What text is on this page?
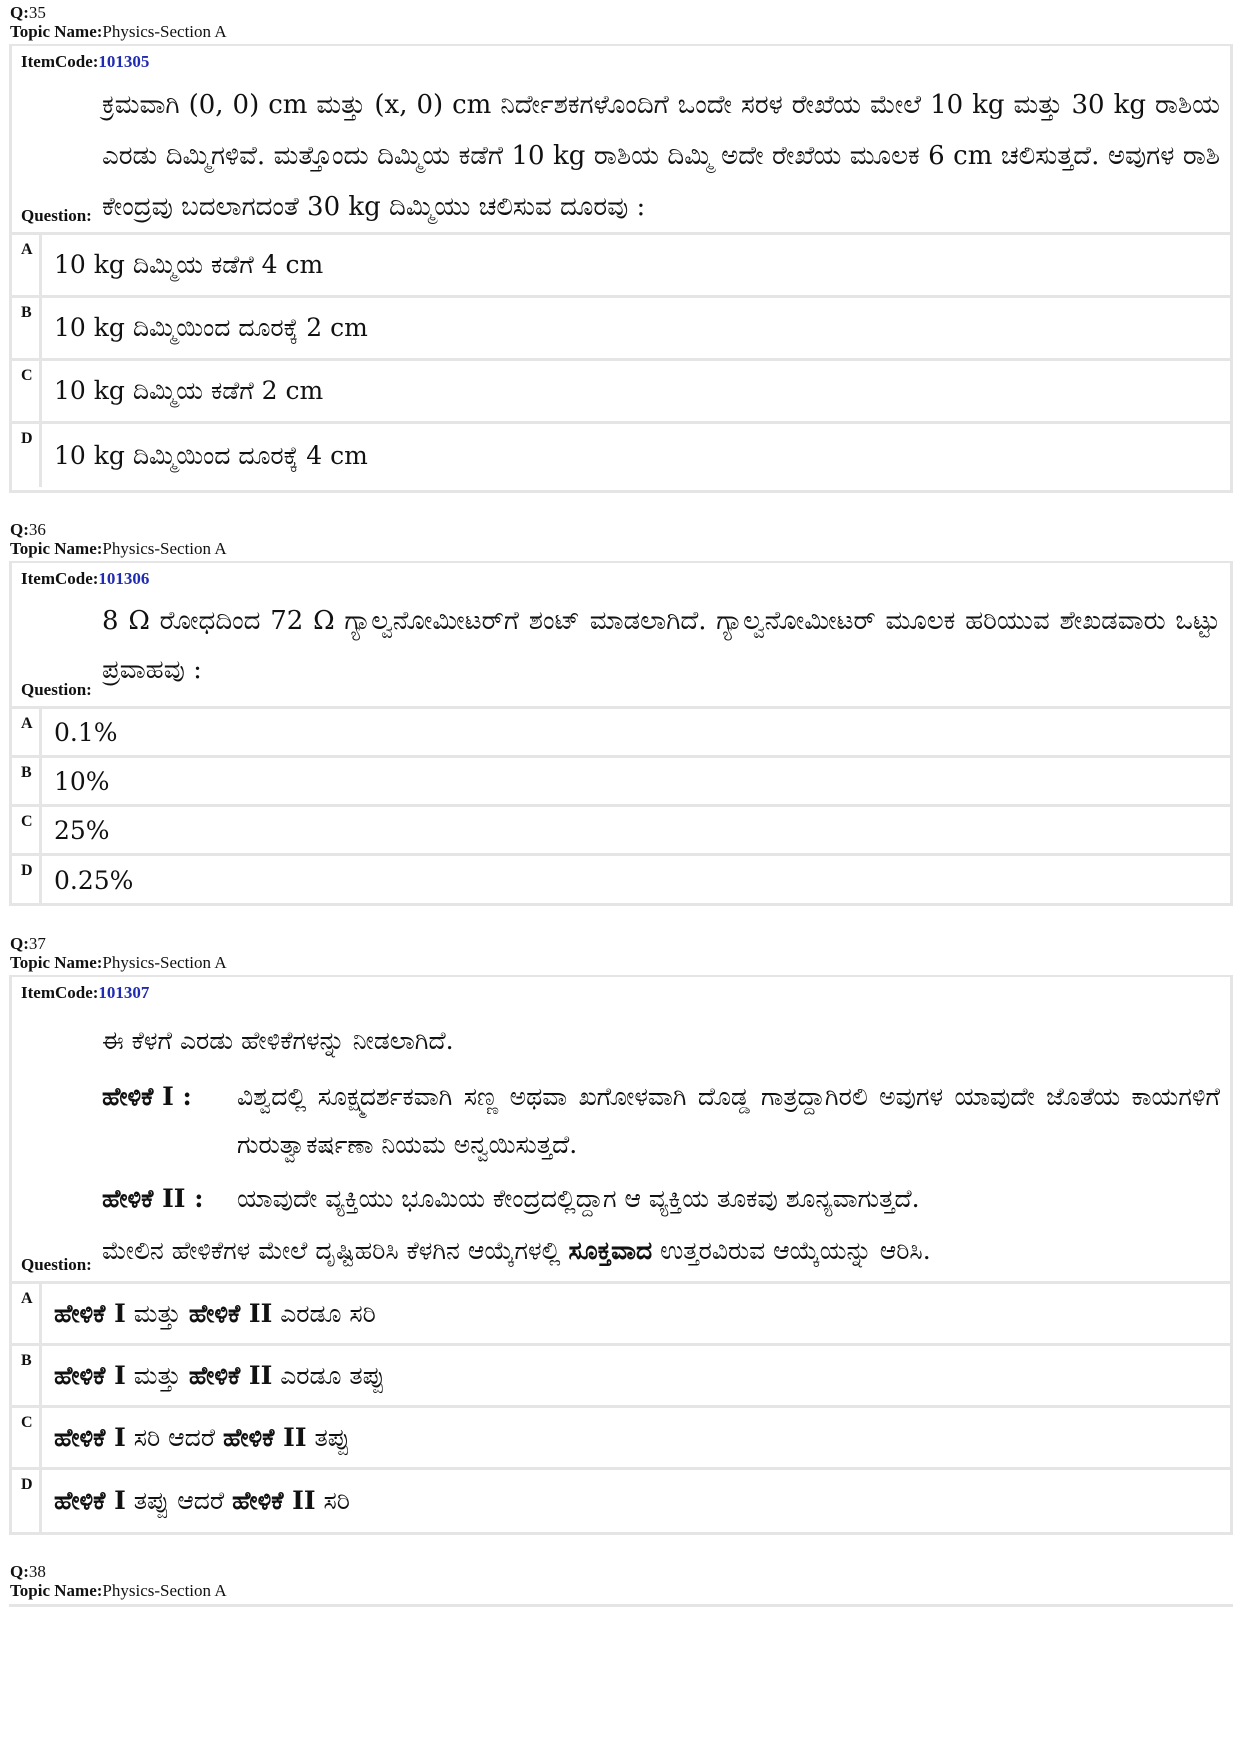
Q:35
Topic Name:Physics-Section A
ItemCode:101305
ಕ್ರಮವಾಗಿ (0, 0) cm ಮತ್ತು (x, 0) cm ನಿರ್ದೇಶಕಗಳೊಂದಿಗೆ ಒಂದೇ ಸರಳ ರೇಖೆಯ ಮೇಲೆ 10 kg ಮತ್ತು 30 kg ರಾಶಿಯ ಎರಡು ದಿಮ್ಮಿಗಳಿವೆ. ಮತ್ತೊಂದು ದಿಮ್ಮಿಯ ಕಡೆಗೆ 10 kg ರಾಶಿಯ ದಿಮ್ಮಿ ಅದೇ ರೇಖೆಯ ಮೂಲಕ 6 cm ಚಲಿಸುತ್ತದೆ. ಅವುಗಳ ರಾಶಿ ಕೇಂದ್ರವು ಬದಲಾಗದಂತೆ 30 kg ದಿಮ್ಮಿಯು ಚಲಿಸುವ ದೂರವು :
Question:
A
10 kg ದಿಮ್ಮಿಯ ಕಡೆಗೆ 4 cm
B
10 kg ದಿಮ್ಮಿಯಿಂದ ದೂರಕ್ಕೆ 2 cm
C
10 kg ದಿಮ್ಮಿಯ ಕಡೆಗೆ 2 cm
D
10 kg ದಿಮ್ಮಿಯಿಂದ ದೂರಕ್ಕೆ 4 cm
Q:36
Topic Name:Physics-Section A
ItemCode:101306
8 Ω ರೋಧದಿಂದ 72 Ω ಗ್ಯಾಲ್ವನೋಮೀಟರ್‌ಗೆ ಶಂಟ್ ಮಾಡಲಾಗಿದೆ. ಗ್ಯಾಲ್ವನೋಮೀಟರ್ ಮೂಲಕ ಹರಿಯುವ ಶೇಖಡವಾರು ಒಟ್ಟು ಪ್ರವಾಹವು :
Question:
A 0.1%
B 10%
C 25%
D 0.25%
Q:37
Topic Name:Physics-Section A
ItemCode:101307
ಈ ಕೆಳಗೆ ಎರಡು ಹೇಳಿಕೆಗಳನ್ನು ನೀಡಲಾಗಿದೆ.
ಹೇಳಿಕೆ I :	ವಿಶ್ವದಲ್ಲಿ ಸೂಕ್ಷ್ಮದರ್ಶಕವಾಗಿ ಸಣ್ಣ ಅಥವಾ ಖಗೋಳವಾಗಿ ದೊಡ್ಡ ಗಾತ್ರದ್ದಾಗಿರಲಿ ಅವುಗಳ ಯಾವುದೇ ಜೊತೆಯ ಕಾಯಗಳಿಗೆ ಗುರುತ್ವಾಕರ್ಷಣಾ ನಿಯಮ ಅನ್ವಯಿಸುತ್ತದೆ.
ಹೇಳಿಕೆ II :	ಯಾವುದೇ ವ್ಯಕ್ತಿಯು ಭೂಮಿಯ ಕೇಂದ್ರದಲ್ಲಿದ್ದಾಗ ಆ ವ್ಯಕ್ತಿಯ ತೂಕವು ಶೂನ್ಯವಾಗುತ್ತದೆ.
ಮೇಲಿನ ಹೇಳಿಕೆಗಳ ಮೇಲೆ ದೃಷ್ಟಿಹರಿಸಿ ಕೆಳಗಿನ ಆಯ್ಕೆಗಳಲ್ಲಿ ಸೂಕ್ತವಾದ ಉತ್ತರವಿರುವ ಆಯ್ಕೆಯನ್ನು ಆರಿಸಿ.
Question:
A ಹೇಳಿಕೆ I ಮತ್ತು ಹೇಳಿಕೆ II ಎರಡೂ ಸರಿ
B ಹೇಳಿಕೆ I ಮತ್ತು ಹೇಳಿಕೆ II ಎರಡೂ ತಪ್ಪು
C ಹೇಳಿಕೆ I ಸರಿ ಆದರೆ ಹೇಳಿಕೆ II ತಪ್ಪು
D
ಹೇಳಿಕೆ I ತಪ್ಪು ಆದರೆ ಹೇಳಿಕೆ II ಸರಿ
Q:38
Topic Name:Physics-Section A
